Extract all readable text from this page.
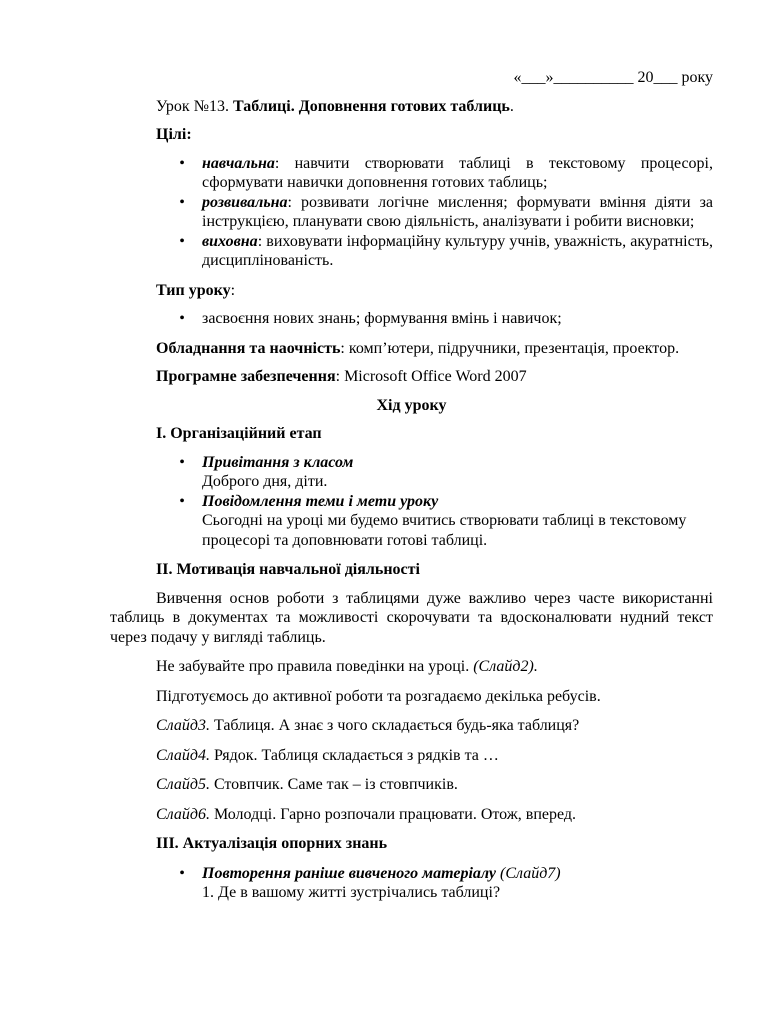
«___»__________ 20___ року

Урок №13. Таблиці. Доповнення готових таблиць.

Цілі:

• навчальна: навчити створювати таблиці в текстовому процесорі, сформувати навички доповнення готових таблиць;
• розвивальна: розвивати логічне мислення; формувати вміння діяти за інструкцією, планувати свою діяльність, аналізувати і робити висновки;
• виховна: виховувати інформаційну культуру учнів, уважність, акуратність, дисциплінованість.

Тип уроку:

• засвоєння нових знань; формування вмінь і навичок;

Обладнання та наочність: комп’ютери, підручники, презентація, проектор.

Програмне забезпечення: Microsoft Office Word 2007

Хід уроку

І. Організаційний етап

• Привітання з класом
Доброго дня, діти.
• Повідомлення теми і мети уроку
Сьогодні на уроці ми будемо вчитись створювати таблиці в текстовому процесорі та доповнювати готові таблиці.

ІІ. Мотивація навчальної діяльності

Вивчення основ роботи з таблицями дуже важливо через часте використанні таблиць в документах та можливості скорочувати та вдосконалювати нудний текст через подачу у вигляді таблиць.

Не забувайте про правила поведінки на уроці. (Слайд2).

Підготуємось до активної роботи та розгадаємо декілька ребусів.

Слайд3. Таблиця. А знає з чого складається будь-яка таблиця?

Слайд4. Рядок. Таблиця складається з рядків та …

Слайд5. Стовпчик. Саме так – із стовпчиків.

Слайд6. Молодці. Гарно розпочали працювати. Отож, вперед.

ІІІ. Актуалізація опорних знань

• Повторення раніше вивченого матеріалу (Слайд7)
1. Де в вашому житті зустрічались таблиці?
